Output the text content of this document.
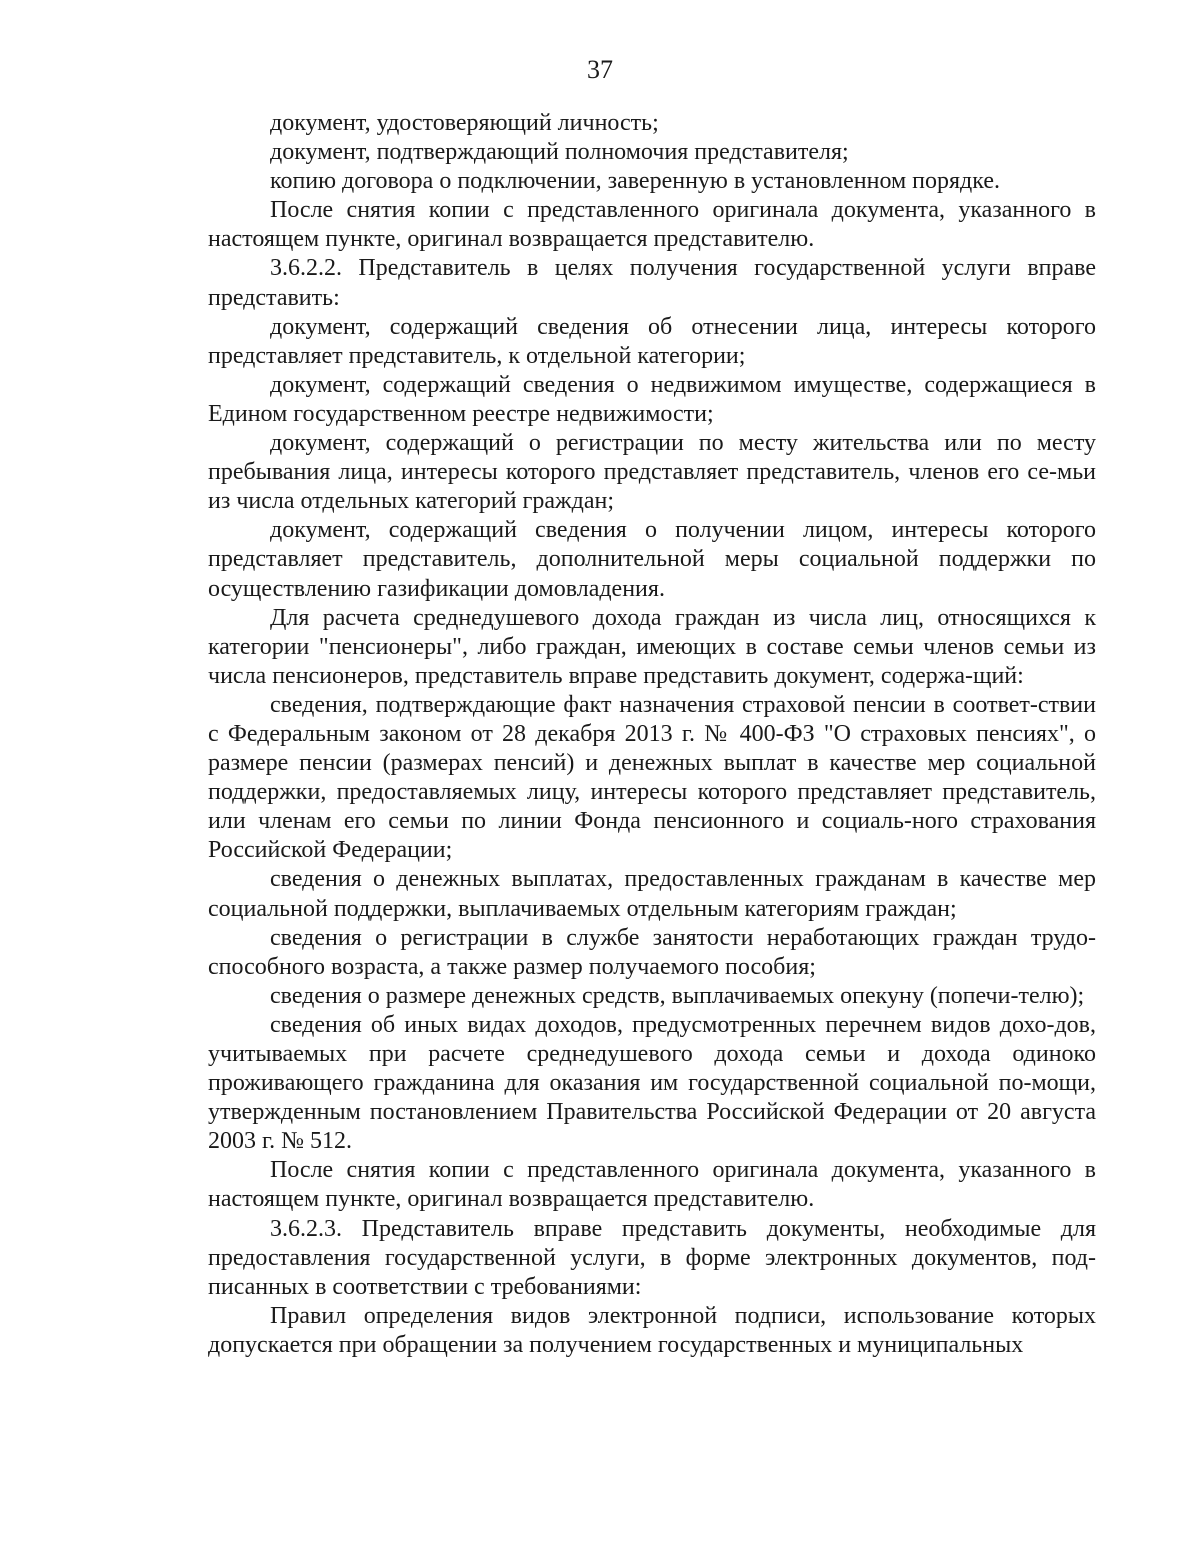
37

документ, удостоверяющий личность;

документ, подтверждающий полномочия представителя;

копию договора о подключении, заверенную в установленном порядке.

После снятия копии с представленного оригинала документа, указанного в настоящем пункте, оригинал возвращается представителю.

3.6.2.2. Представитель в целях получения государственной услуги вправе представить:

документ, содержащий сведения об отнесении лица, интересы которого представляет представитель, к отдельной категории;

документ, содержащий сведения о недвижимом имуществе, содержащиеся в Едином государственном реестре недвижимости;

документ, содержащий о регистрации по месту жительства или по месту пребывания лица, интересы которого представляет представитель, членов его се-мьи из числа отдельных категорий граждан;

документ, содержащий сведения о получении лицом, интересы которого представляет представитель, дополнительной меры социальной поддержки по осуществлению газификации домовладения.

Для расчета среднедушевого дохода граждан из числа лиц, относящихся к категории "пенсионеры", либо граждан, имеющих в составе семьи членов семьи из числа пенсионеров, представитель вправе представить документ, содержа-щий:

сведения, подтверждающие факт назначения страховой пенсии в соответ-ствии с Федеральным законом от 28 декабря 2013 г. № 400-ФЗ "О страховых пенсиях", о размере пенсии (размерах пенсий) и денежных выплат в качестве мер социальной поддержки, предоставляемых лицу, интересы которого представляет представитель, или членам его семьи по линии Фонда пенсионного и социаль-ного страхования Российской Федерации;

сведения о денежных выплатах, предоставленных гражданам в качестве мер социальной поддержки, выплачиваемых отдельным категориям граждан;

сведения о регистрации в службе занятости неработающих граждан трудо-способного возраста, а также размер получаемого пособия;

сведения о размере денежных средств, выплачиваемых опекуну (попечи-телю);

сведения об иных видах доходов, предусмотренных перечнем видов дохо-дов, учитываемых при расчете среднедушевого дохода семьи и дохода одиноко проживающего гражданина для оказания им государственной социальной по-мощи, утвержденным постановлением Правительства Российской Федерации от 20 августа 2003 г. № 512.

После снятия копии с представленного оригинала документа, указанного в настоящем пункте, оригинал возвращается представителю.

3.6.2.3. Представитель вправе представить документы, необходимые для предоставления государственной услуги, в форме электронных документов, под-писанных в соответствии с требованиями:

Правил определения видов электронной подписи, использование которых допускается при обращении за получением государственных и муниципальных
